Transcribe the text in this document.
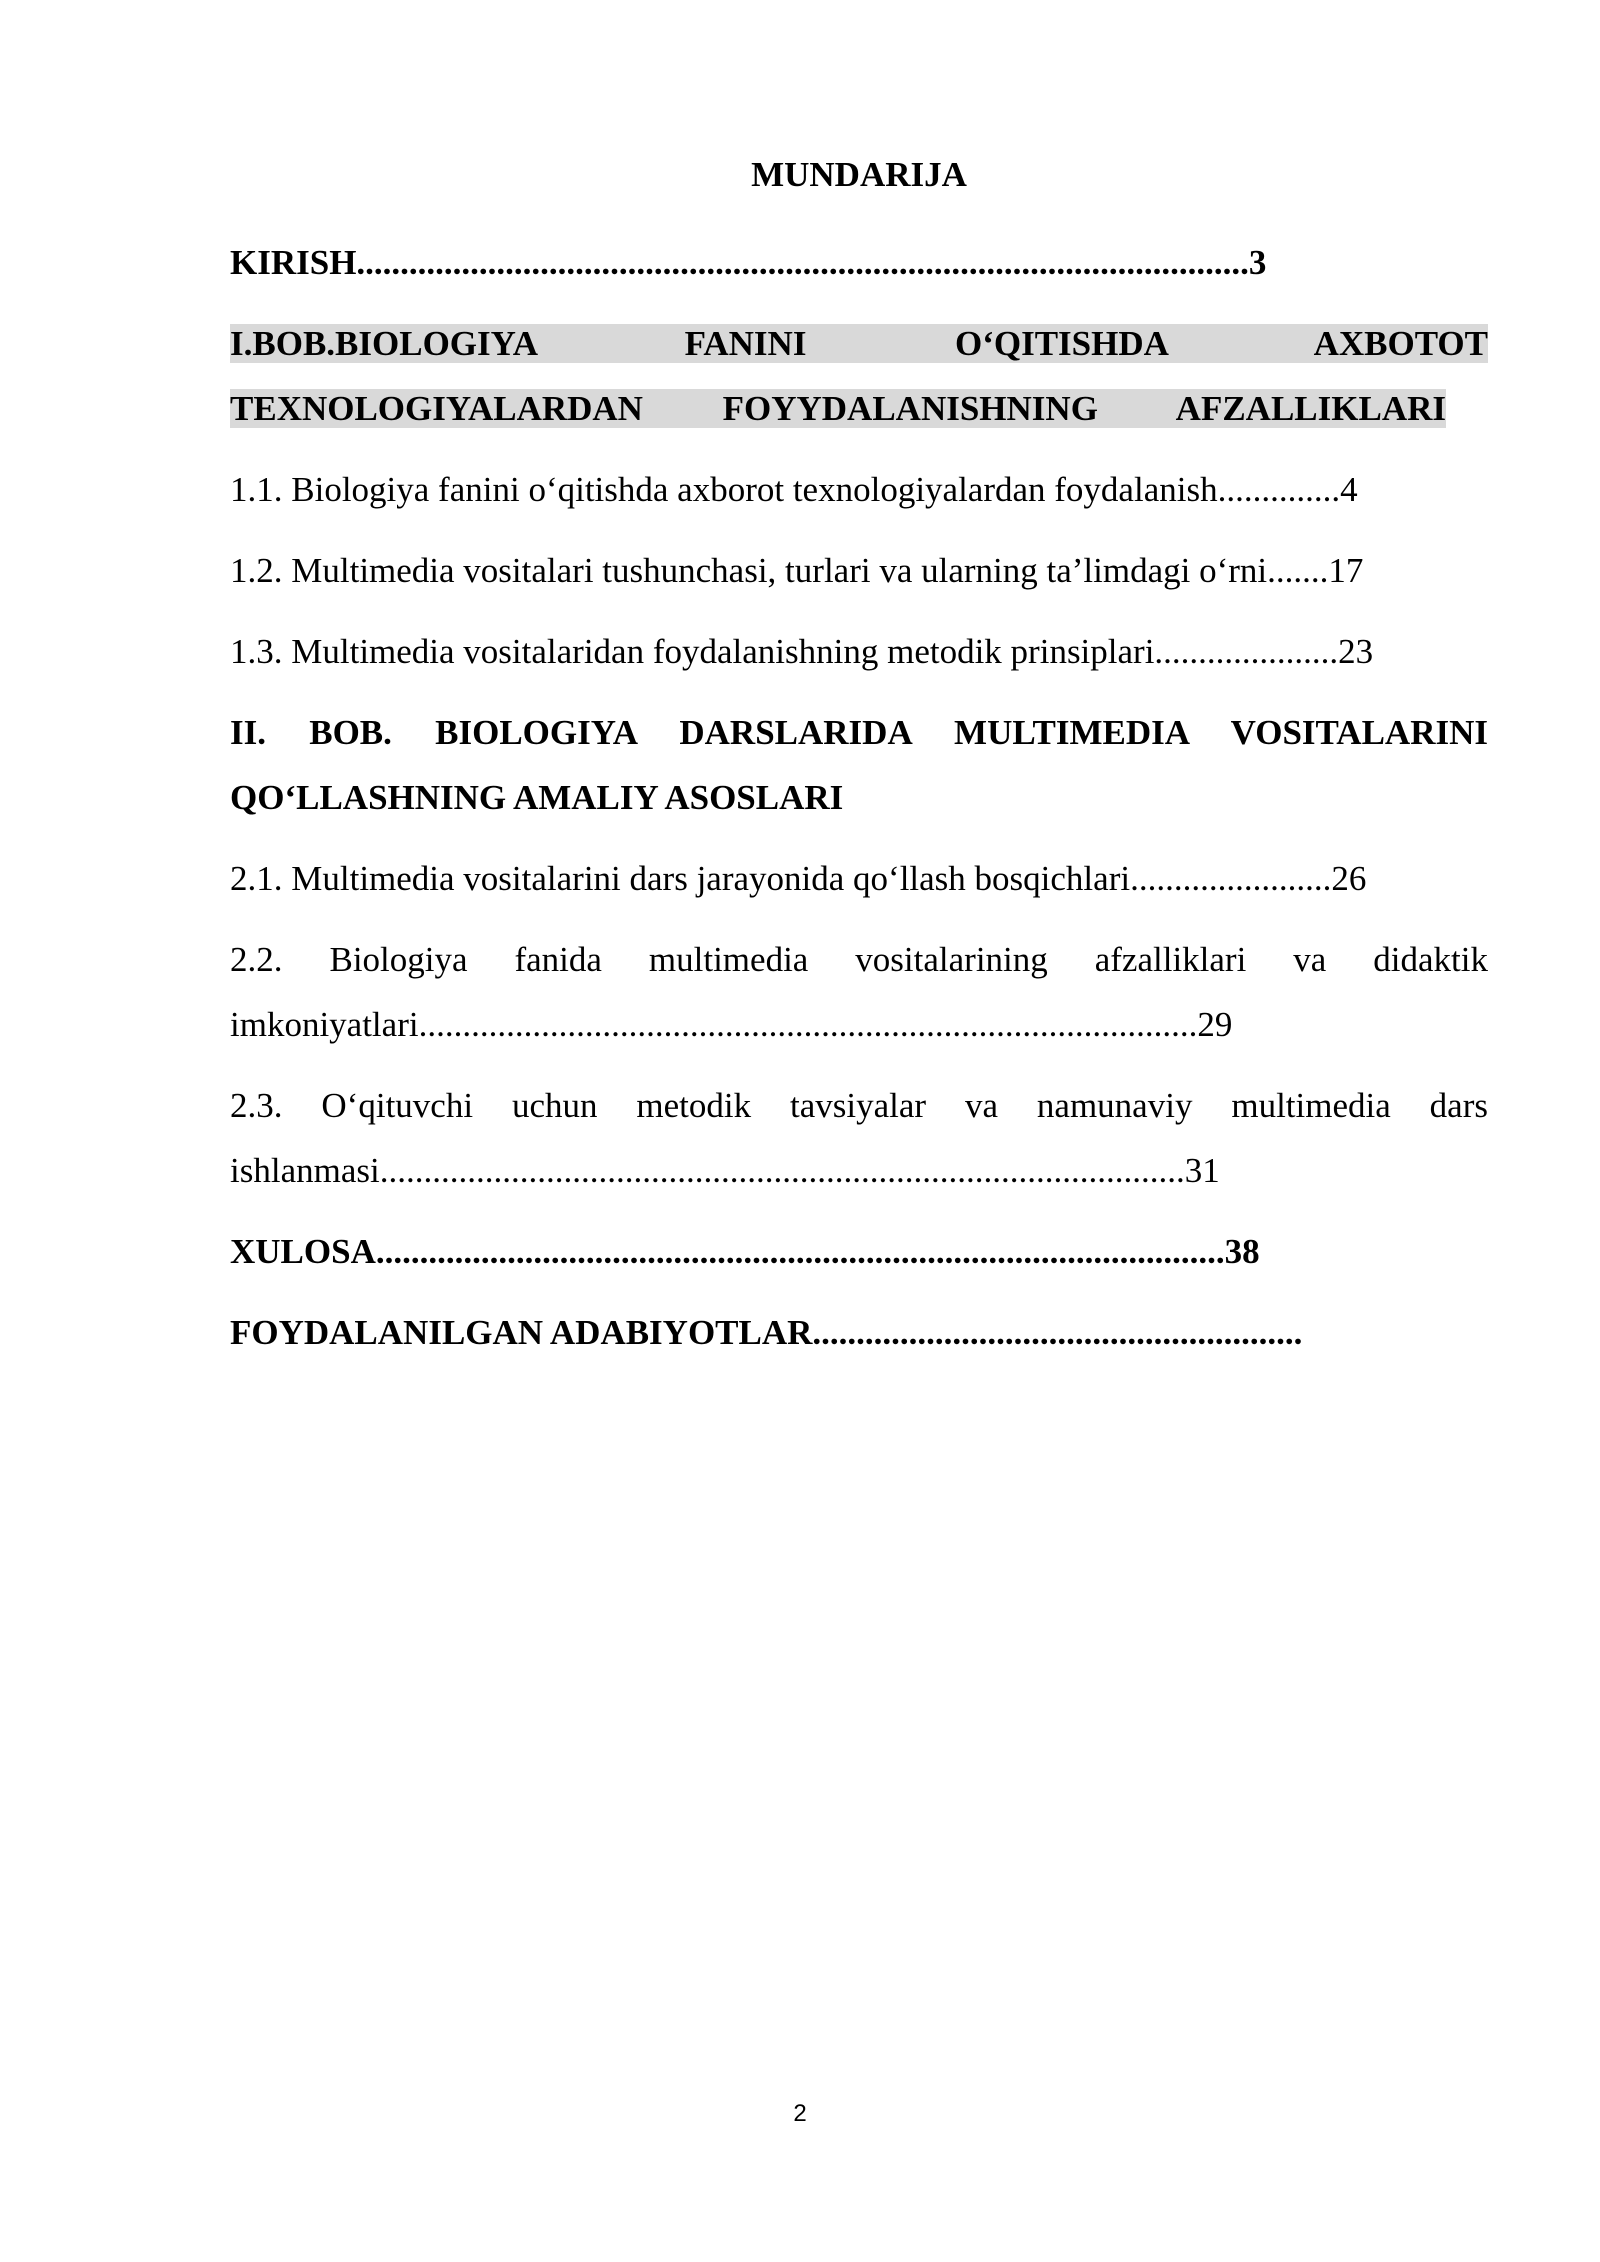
MUNDARIJA
KIRISH......................................................................................................3
I.BOB.BIOLOGIYA FANINI O‘QITISHDA AXBOTOT
TEXNOLOGIYALARDAN FOYYDALANISHNING AFZALLIKLARI
1.1. Biologiya fanini o‘qitishda axborot texnologiyalardan foydalanish..............4
1.2. Multimedia vositalari tushunchasi, turlari va ularning ta’limdagi o‘rni.......17
1.3. Multimedia vositalaridan foydalanishning metodik prinsiplari.....................23
II. BOB. BIOLOGIYA DARSLARIDA MULTIMEDIA VOSITALARINI
QO‘LLASHNING AMALIY ASOSLARI
2.1. Multimedia vositalarini dars jarayonida qo‘llash bosqichlari.......................26
2.2. Biologiya fanida multimedia vositalarining afzalliklari va didaktik
imkoniyatlari.........................................................................................29
2.3. O‘qituvchi uchun metodik tavsiyalar va namunaviy multimedia dars
ishlanmasi............................................................................................31
XULOSA.................................................................................................38
FOYDALANILGAN ADABIYOTLAR........................................................
2
